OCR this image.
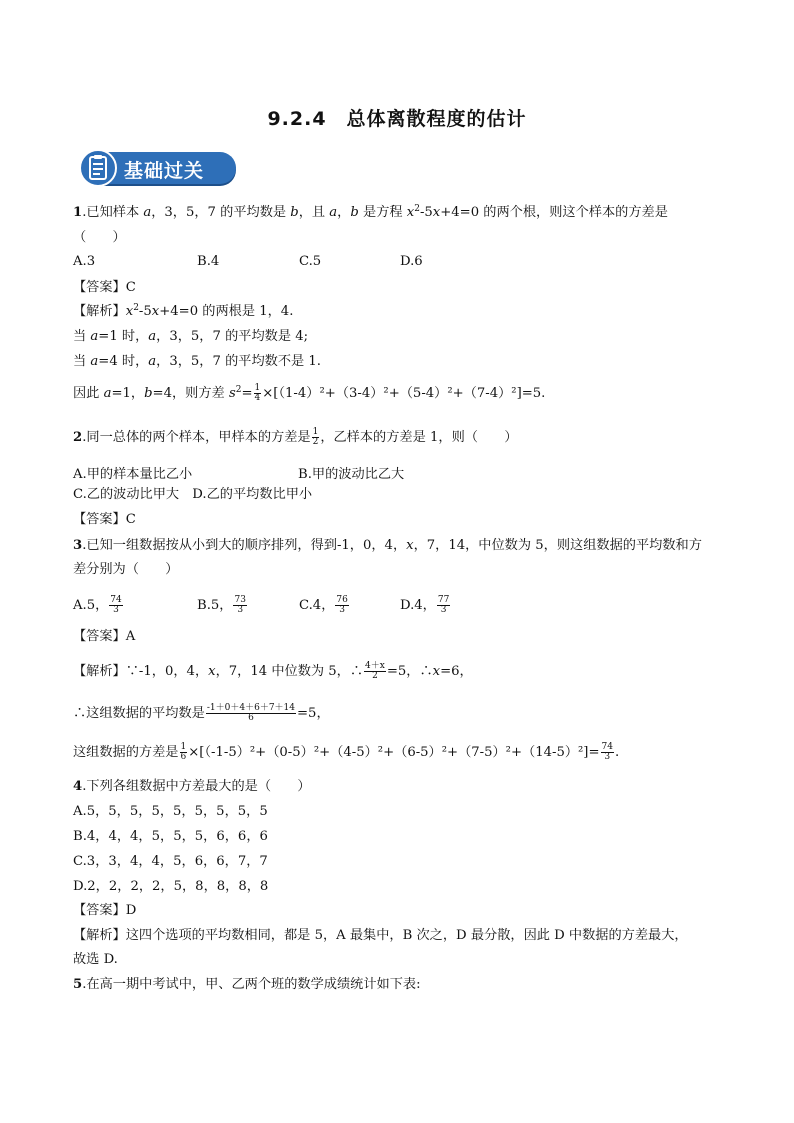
9.2.4　总体离散程度的估计
基础过关
1.已知样本 a，3，5，7 的平均数是 b，且 a，b 是方程 $x^2-5x+4=0$ 的两个根，则这个样本的方差是
（　　）
A.3	B.4	C.5	D.6
【答案】C
【解析】$x^2-5x+4=0$ 的两根是 1，4.
当 a=1 时，a，3，5，7 的平均数是 4;
当 a=4 时，a，3，5，7 的平均数不是 1.
因此 a=1，b=4，则方差 $s^2= \frac{1}{4} \times[(1-4)^2+(3-4)^2+(5-4)^2+(7-4)^2]=5$.
2.同一总体的两个样本，甲样本的方差是 $\frac{1}{2}$ ，乙样本的方差是 1，则（　　）
A.甲的样本量比乙小	B.甲的波动比乙大
C.乙的波动比甲大　D.乙的平均数比甲小
【答案】C
3.已知一组数据按从小到大的顺序排列，得到-1，0，4，x，7，14，中位数为 5，则这组数据的平均数和方
差分别为（　　）
A.5， $\frac{74}{3}$	B.5， $\frac{73}{3}$	C.4， $\frac{76}{3}$	D.4， $\frac{77}{3}$
【答案】A
【解析】∵-1，0，4，x，7，14 中位数为 5，∴ $\frac{4+x}{2} =5$，∴x=6，
∴这组数据的平均数是 $\frac{-1+0+4+6+7+14}{6} =5$，
这组数据的方差是 $\frac{1}{6} \times[(-1-5)^2+(0-5)^2+(4-5)^2+(6-5)^2+(7-5)^2+(14-5)^2]= \frac{74}{3}$ .
4.下列各组数据中方差最大的是（　　）
A.5，5，5，5，5，5，5，5，5
B.4，4，4，5，5，5，6，6，6
C.3，3，4，4，5，6，6，7，7
D.2，2，2，2，5，8，8，8，8
【答案】D
【解析】这四个选项的平均数相同，都是 5，A 最集中，B 次之，D 最分散，因此 D 中数据的方差最大，
故选 D.
5.在高一期中考试中，甲、乙两个班的数学成绩统计如下表:
